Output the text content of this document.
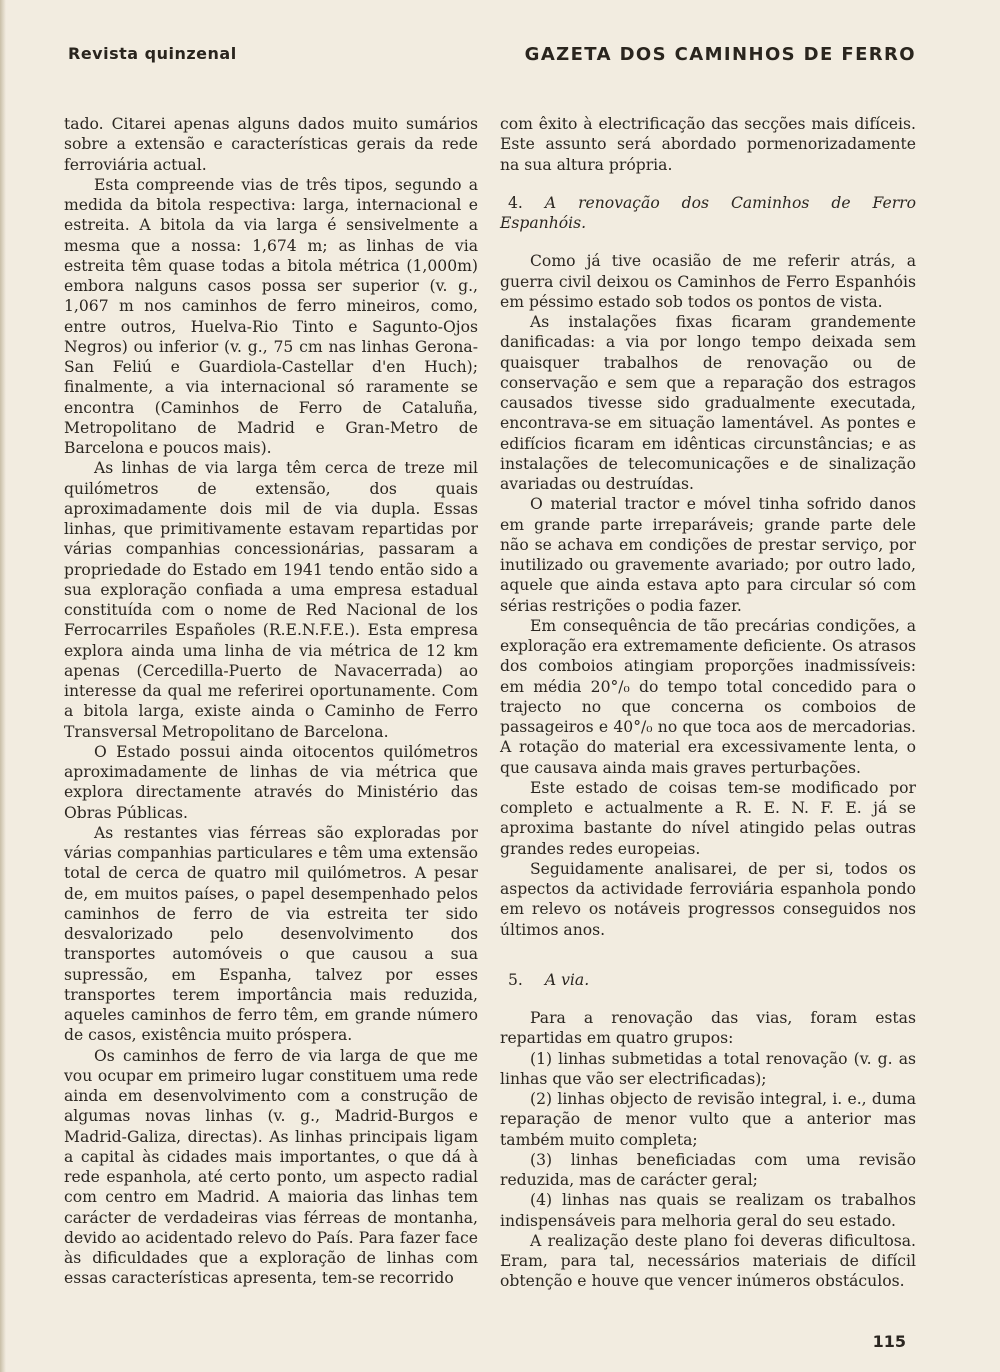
Revista quinzenal	GAZETA DOS CAMINHOS DE FERRO

tado. Citarei apenas alguns dados muito sumários sobre a extensão e características gerais da rede ferroviária actual.

Esta compreende vias de três tipos, segundo a medida da bitola respectiva: larga, internacional e estreita. A bitola da via larga é sensivelmente a mesma que a nossa: 1,674 m; as linhas de via estreita têm quase todas a bitola métrica (1,000m) embora nalguns casos possa ser superior (v. g., 1,067 m nos caminhos de ferro mineiros, como, entre outros, Huelva-Rio Tinto e Sagunto-Ojos Negros) ou inferior (v. g., 75 cm nas linhas Gerona-San Feliú e Guardiola-Castellar d'en Huch); finalmente, a via internacional só raramente se encontra (Caminhos de Ferro de Cataluña, Metropolitano de Madrid e Gran-Metro de Barcelona e poucos mais).

As linhas de via larga têm cerca de treze mil quilómetros de extensão, dos quais aproximadamente dois mil de via dupla. Essas linhas, que primitivamente estavam repartidas por várias companhias concessionárias, passaram a propriedade do Estado em 1941 tendo então sido a sua exploração confiada a uma empresa estadual constituída com o nome de Red Nacional de los Ferrocarriles Españoles (R.E.N.F.E.). Esta empresa explora ainda uma linha de via métrica de 12 km apenas (Cercedilla-Puerto de Navacerrada) ao interesse da qual me referirei oportunamente. Com a bitola larga, existe ainda o Caminho de Ferro Transversal Metropolitano de Barcelona.

O Estado possui ainda oitocentos quilómetros aproximadamente de linhas de via métrica que explora directamente através do Ministério das Obras Públicas.

As restantes vias férreas são exploradas por várias companhias particulares e têm uma extensão total de cerca de quatro mil quilómetros. A pesar de, em muitos países, o papel desempenhado pelos caminhos de ferro de via estreita ter sido desvalorizado pelo desenvolvimento dos transportes automóveis o que causou a sua supressão, em Espanha, talvez por esses transportes terem importância mais reduzida, aqueles caminhos de ferro têm, em grande número de casos, existência muito próspera.

Os caminhos de ferro de via larga de que me vou ocupar em primeiro lugar constituem uma rede ainda em desenvolvimento com a construção de algumas novas linhas (v. g., Madrid-Burgos e Madrid-Galiza, directas). As linhas principais ligam a capital às cidades mais importantes, o que dá à rede espanhola, até certo ponto, um aspecto radial com centro em Madrid. A maioria das linhas tem carácter de verdadeiras vias férreas de montanha, devido ao acidentado relevo do País. Para fazer face às dificuldades que a exploração de linhas com essas características apresenta, tem-se recorrido

com êxito à electrificação das secções mais difíceis. Este assunto será abordado pormenorizadamente na sua altura própria.

4. A renovação dos Caminhos de Ferro Espanhóis.

Como já tive ocasião de me referir atrás, a guerra civil deixou os Caminhos de Ferro Espanhóis em péssimo estado sob todos os pontos de vista.

As instalações fixas ficaram grandemente danificadas: a via por longo tempo deixada sem quaisquer trabalhos de renovação ou de conservação e sem que a reparação dos estragos causados tivesse sido gradualmente executada, encontrava-se em situação lamentável. As pontes e edifícios ficaram em idênticas circunstâncias; e as instalações de telecomunicações e de sinalização avariadas ou destruídas.

O material tractor e móvel tinha sofrido danos em grande parte irreparáveis; grande parte dele não se achava em condições de prestar serviço, por inutilizado ou gravemente avariado; por outro lado, aquele que ainda estava apto para circular só com sérias restrições o podia fazer.

Em consequência de tão precárias condições, a exploração era extremamente deficiente. Os atrasos dos comboios atingiam proporções inadmissíveis: em média 20°/₀ do tempo total concedido para o trajecto no que concerna os comboios de passageiros e 40°/₀ no que toca aos de mercadorias. A rotação do material era excessivamente lenta, o que causava ainda mais graves perturbações.

Este estado de coisas tem-se modificado por completo e actualmente a R. E. N. F. E. já se aproxima bastante do nível atingido pelas outras grandes redes europeias.

Seguidamente analisarei, de per si, todos os aspectos da actividade ferroviária espanhola pondo em relevo os notáveis progressos conseguidos nos últimos anos.

5. A via.

Para a renovação das vias, foram estas repartidas em quatro grupos:

(1) linhas submetidas a total renovação (v. g. as linhas que vão ser electrificadas);

(2) linhas objecto de revisão integral, i. e., duma reparação de menor vulto que a anterior mas também muito completa;

(3) linhas beneficiadas com uma revisão reduzida, mas de carácter geral;

(4) linhas nas quais se realizam os trabalhos indispensáveis para melhoria geral do seu estado.

A realização deste plano foi deveras dificultosa. Eram, para tal, necessários materiais de difícil obtenção e houve que vencer inúmeros obstáculos.

115
